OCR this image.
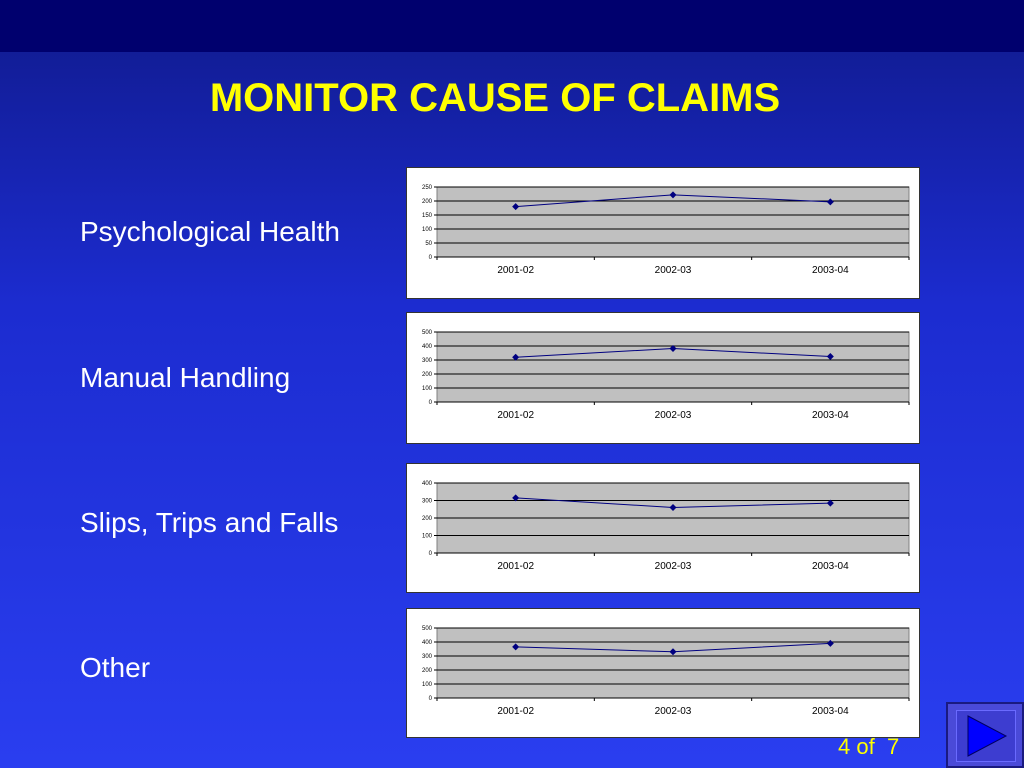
MONITOR CAUSE OF CLAIMS
Psychological Health
Manual Handling
Slips, Trips and Falls
Other
0
50
100
150
200
250
2001-02	2002-03	2003-04
0
100
200
300
400
500
2001-02	2002-03	2003-04
0
100
200
300
400
2001-02	2002-03	2003-04
0
100
200
300
400
500
2001-02	2002-03	2003-04
4 of 7
